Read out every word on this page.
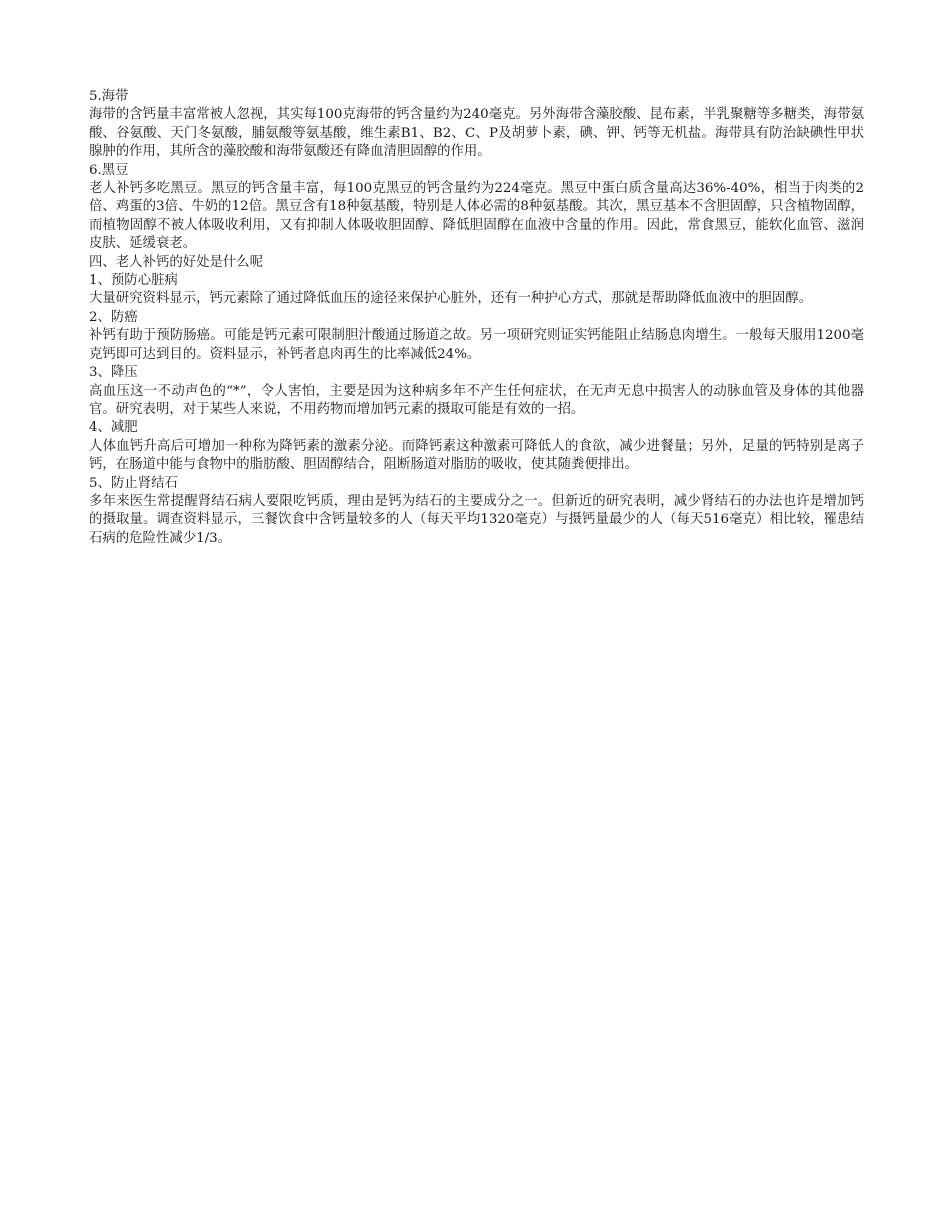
5.海带
海带的含钙量丰富常被人忽视，其实每100克海带的钙含量约为240毫克。另外海带含藻胶酸、昆布素，半乳聚糖等多糖类，海带氨酸、谷氨酸、天门冬氨酸，脯氨酸等氨基酸，维生素B1、B2、C、P及胡萝卜素，碘、钾、钙等无机盐。海带具有防治缺碘性甲状腺肿的作用，其所含的藻胶酸和海带氨酸还有降血清胆固醇的作用。
6.黑豆
老人补钙多吃黑豆。黑豆的钙含量丰富，每100克黑豆的钙含量约为224毫克。黑豆中蛋白质含量高达36%-40%，相当于肉类的2倍、鸡蛋的3倍、牛奶的12倍。黑豆含有18种氨基酸，特别是人体必需的8种氨基酸。其次，黑豆基本不含胆固醇，只含植物固醇，而植物固醇不被人体吸收利用，又有抑制人体吸收胆固醇、降低胆固醇在血液中含量的作用。因此，常食黑豆，能软化血管、滋润皮肤、延缓衰老。
四、老人补钙的好处是什么呢
1、预防心脏病
大量研究资料显示，钙元素除了通过降低血压的途径来保护心脏外，还有一种护心方式，那就是帮助降低血液中的胆固醇。
2、防癌
补钙有助于预防肠癌。可能是钙元素可限制胆汁酸通过肠道之故。另一项研究则证实钙能阻止结肠息肉增生。一般每天服用1200毫克钙即可达到目的。资料显示，补钙者息肉再生的比率减低24%。
3、降压
高血压这一不动声色的“*”，令人害怕，主要是因为这种病多年不产生任何症状，在无声无息中损害人的动脉血管及身体的其他器官。研究表明，对于某些人来说，不用药物而增加钙元素的摄取可能是有效的一招。
4、减肥
人体血钙升高后可增加一种称为降钙素的激素分泌。而降钙素这种激素可降低人的食欲，减少进餐量；另外，足量的钙特别是离子钙，在肠道中能与食物中的脂肪酸、胆固醇结合，阻断肠道对脂肪的吸收，使其随粪便排出。
5、防止肾结石
多年来医生常提醒肾结石病人要限吃钙质，理由是钙为结石的主要成分之一。但新近的研究表明，减少肾结石的办法也许是增加钙的摄取量。调查资料显示，三餐饮食中含钙量较多的人（每天平均1320毫克）与摄钙量最少的人（每天516毫克）相比较，罹患结石病的危险性减少1/3。
